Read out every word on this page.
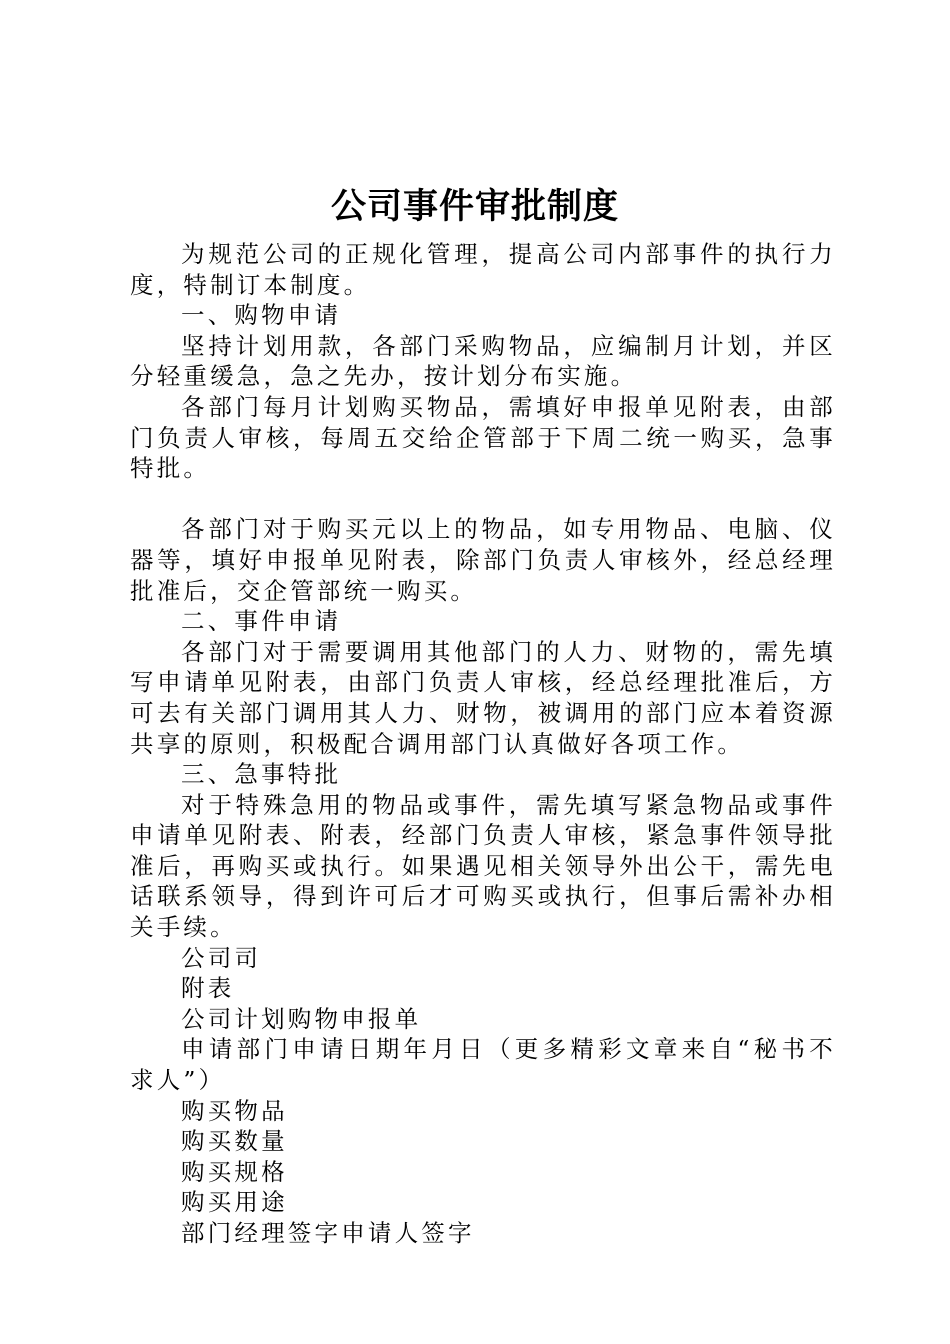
公司事件审批制度

为规范公司的正规化管理，提高公司内部事件的执行力度，特制订本制度。

一、购物申请

坚持计划用款，各部门采购物品，应编制月计划，并区分轻重缓急，急之先办，按计划分布实施。

各部门每月计划购买物品，需填好申报单见附表，由部门负责人审核，每周五交给企管部于下周二统一购买，急事特批。

各部门对于购买元以上的物品，如专用物品、电脑、仪器等，填好申报单见附表，除部门负责人审核外，经总经理批准后，交企管部统一购买。

二、事件申请

各部门对于需要调用其他部门的人力、财物的，需先填写申请单见附表，由部门负责人审核，经总经理批准后，方可去有关部门调用其人力、财物，被调用的部门应本着资源共享的原则，积极配合调用部门认真做好各项工作。

三、急事特批

对于特殊急用的物品或事件，需先填写紧急物品或事件申请单见附表、附表，经部门负责人审核，紧急事件领导批准后，再购买或执行。如果遇见相关领导外出公干，需先电话联系领导，得到许可后才可购买或执行，但事后需补办相关手续。

公司司

附表

公司计划购物申报单

申请部门申请日期年月日（更多精彩文章来自“秘书不求人”）

购买物品

购买数量

购买规格

购买用途

部门经理签字申请人签字
